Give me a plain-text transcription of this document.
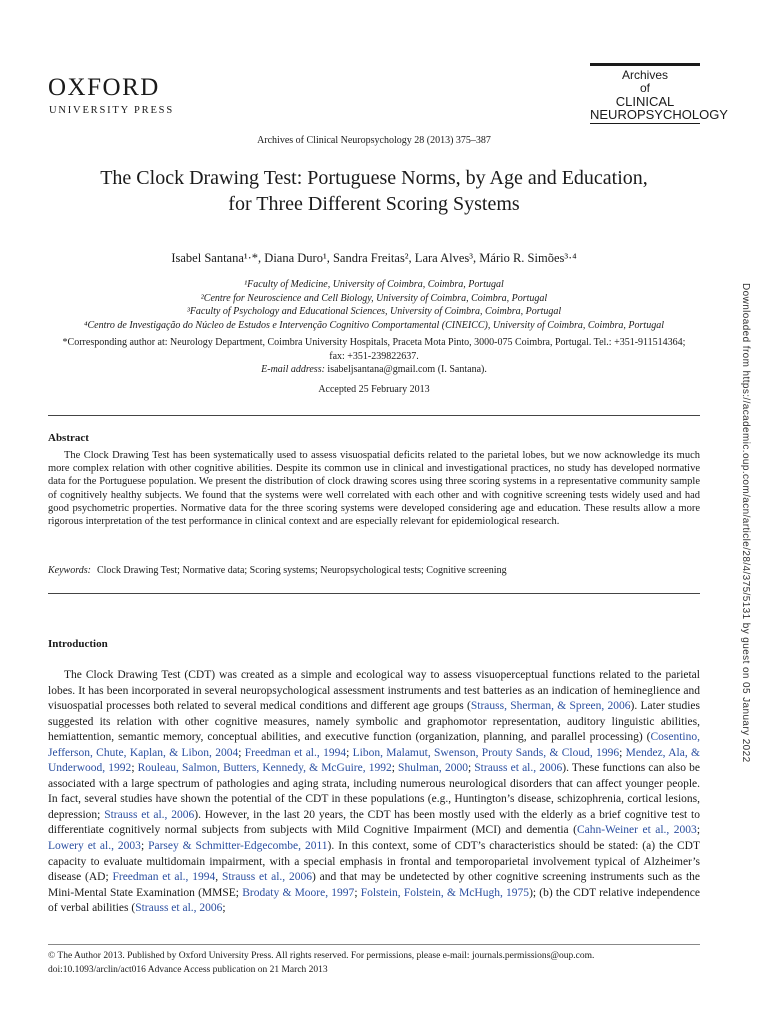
OXFORD
UNIVERSITY PRESS
Archives
of
CLINICAL
NEUROPSYCHOLOGY
Archives of Clinical Neuropsychology 28 (2013) 375–387
The Clock Drawing Test: Portuguese Norms, by Age and Education,
for Three Different Scoring Systems
Isabel Santana¹·*, Diana Duro¹, Sandra Freitas², Lara Alves³, Mário R. Simões³·⁴
¹Faculty of Medicine, University of Coimbra, Coimbra, Portugal
²Centre for Neuroscience and Cell Biology, University of Coimbra, Coimbra, Portugal
³Faculty of Psychology and Educational Sciences, University of Coimbra, Coimbra, Portugal
⁴Centro de Investigação do Núcleo de Estudos e Intervenção Cognitivo Comportamental (CINEICC), University of Coimbra, Coimbra, Portugal
*Corresponding author at: Neurology Department, Coimbra University Hospitals, Praceta Mota Pinto, 3000-075 Coimbra, Portugal. Tel.: +351-911514364;
fax: +351-239822637.
E-mail address: isabeljsantana@gmail.com (I. Santana).
Accepted 25 February 2013
Abstract
The Clock Drawing Test has been systematically used to assess visuospatial deficits related to the parietal lobes, but we now acknowledge its much more complex relation with other cognitive abilities. Despite its common use in clinical and investigational practices, no study has developed normative data for the Portuguese population. We present the distribution of clock drawing scores using three scoring systems in a representative community sample of cognitively healthy subjects. We found that the systems were well correlated with each other and with cognitive screening tests widely used and had good psychometric properties. Normative data for the three scoring systems were developed considering age and education. These results allow a more rigorous interpretation of the test performance in clinical context and are especially relevant for epidemiological research.
Keywords: Clock Drawing Test; Normative data; Scoring systems; Neuropsychological tests; Cognitive screening
Introduction
The Clock Drawing Test (CDT) was created as a simple and ecological way to assess visuoperceptual functions related to the parietal lobes. It has been incorporated in several neuropsychological assessment instruments and test batteries as an indication of hemineglience and visuospatial processes both related to several medical conditions and different age groups (Strauss, Sherman, & Spreen, 2006). Later studies suggested its relation with other cognitive measures, namely symbolic and graphomotor representation, auditory linguistic abilities, hemiattention, semantic memory, conceptual abilities, and executive function (organization, planning, and parallel processing) (Cosentino, Jefferson, Chute, Kaplan, & Libon, 2004; Freedman et al., 1994; Libon, Malamut, Swenson, Prouty Sands, & Cloud, 1996; Mendez, Ala, & Underwood, 1992; Rouleau, Salmon, Butters, Kennedy, & McGuire, 1992; Shulman, 2000; Strauss et al., 2006). These functions can also be associated with a large spectrum of pathologies and aging strata, including numerous neurological disorders that can affect younger people. In fact, several studies have shown the potential of the CDT in these populations (e.g., Huntington’s disease, schizophrenia, cortical lesions, depression; Strauss et al., 2006). However, in the last 20 years, the CDT has been mostly used with the elderly as a brief cognitive test to differentiate cognitively normal subjects from subjects with Mild Cognitive Impairment (MCI) and dementia (Cahn-Weiner et al., 2003; Lowery et al., 2003; Parsey & Schmitter-Edgecombe, 2011). In this context, some of CDT’s characteristics should be stated: (a) the CDT capacity to evaluate multidomain impairment, with a special emphasis in frontal and temporoparietal involvement typical of Alzheimer’s disease (AD; Freedman et al., 1994, Strauss et al., 2006) and that may be undetected by other cognitive screening instruments such as the Mini-Mental State Examination (MMSE; Brodaty & Moore, 1997; Folstein, Folstein, & McHugh, 1975); (b) the CDT relative independence of verbal abilities (Strauss et al., 2006;
© The Author 2013. Published by Oxford University Press. All rights reserved. For permissions, please e-mail: journals.permissions@oup.com.
doi:10.1093/arclin/act016 Advance Access publication on 21 March 2013
Downloaded from https://academic.oup.com/acn/article/28/4/375/5131 by guest on 05 January 2022
